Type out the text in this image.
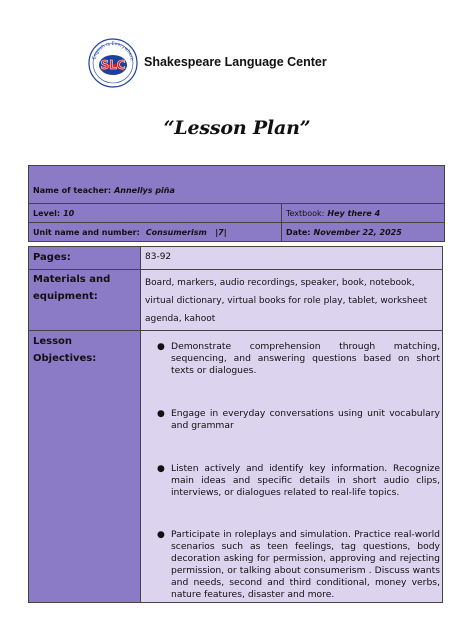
English is Everywhere
SLC Shakespeare Language Center
“Lesson Plan”
Name of teacher: Annellys piña
Level: 10	Textbook: Hey there 4
Unit name and number: Consumerism   |7|	Date: November 22, 2025
Pages:	83-92
Materials and equipment:
Board, markers, audio recordings, speaker, book, notebook, virtual dictionary, virtual books for role play, tablet, worksheet agenda, kahoot
Lesson Objectives:
● Demonstrate comprehension through matching, sequencing, and answering questions based on short texts or dialogues.
● Engage in everyday conversations using unit vocabulary and grammar
● Listen actively and identify key information. Recognize main ideas and specific details in short audio clips, interviews, or dialogues related to real-life topics.
● Participate in roleplays and simulation. Practice real-world scenarios such as teen feelings, tag questions, body decoration asking for permission, approving and rejecting permission, or talking about consumerism . Discuss wants and needs, second and third conditional, money verbs, nature features, disaster and more.
